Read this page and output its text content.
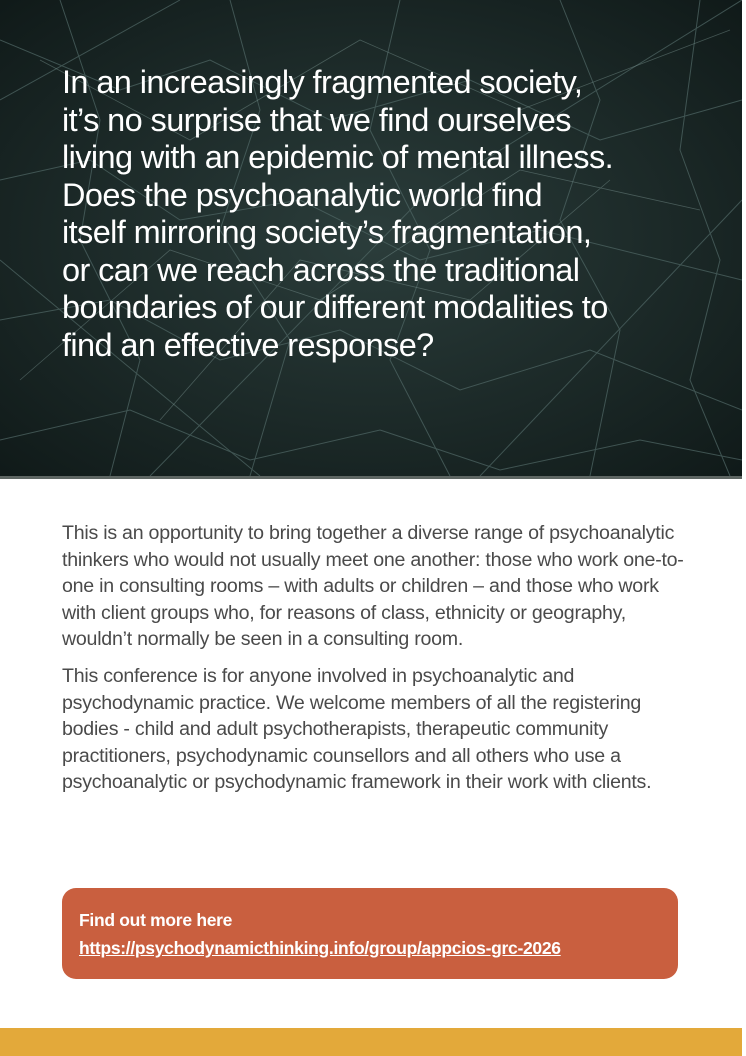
In an increasingly fragmented society,
it’s no surprise that we find ourselves
living with an epidemic of mental illness.
Does the psychoanalytic world find
itself mirroring society’s fragmentation,
or can we reach across the traditional
boundaries of our different modalities to
find an effective response?

This is an opportunity to bring together a diverse range of psychoanalytic thinkers who would not usually meet one another: those who work one-to-one in consulting rooms – with adults or children – and those who work with client groups who, for reasons of class, ethnicity or geography, wouldn’t normally be seen in a consulting room.

This conference is for anyone involved in psychoanalytic and psychodynamic practice. We welcome members of all the registering bodies - child and adult psychotherapists, therapeutic community practitioners, psychodynamic counsellors and all others who use a psychoanalytic or psychodynamic framework in their work with clients.

Find out more here
https://psychodynamicthinking.info/group/appcios-grc-2026
